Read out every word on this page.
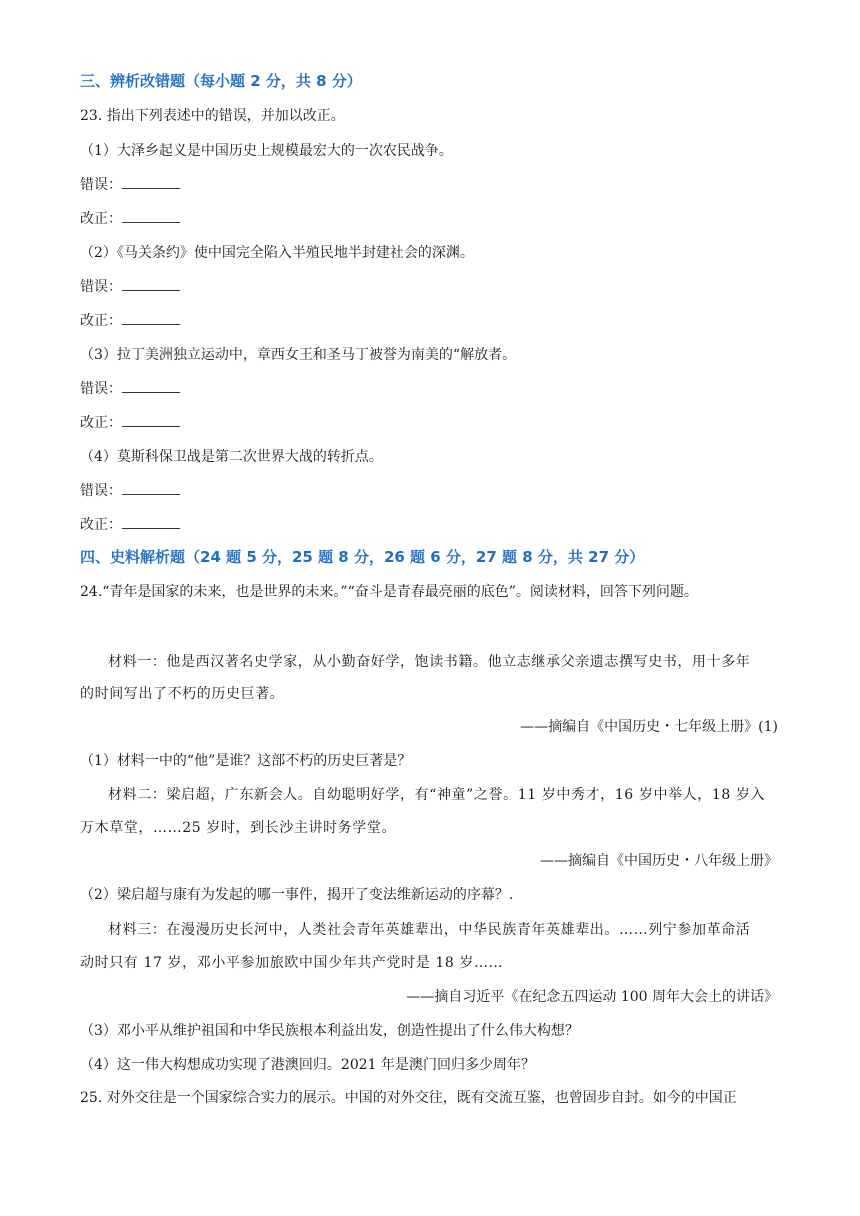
三、辨析改错题（每小题 2 分，共 8 分）
23. 指出下列表述中的错误，并加以改正。
（1）大泽乡起义是中国历史上规模最宏大的一次农民战争。
错误：
改正：
（2）《马关条约》使中国完全陷入半殖民地半封建社会的深渊。
错误：
改正：
（3）拉丁美洲独立运动中，章西女王和圣马丁被誉为南美的“解放者。
错误：
改正：
（4）莫斯科保卫战是第二次世界大战的转折点。
错误：
改正：
四、史料解析题（24 题 5 分，25 题 8 分，26 题 6 分，27 题 8 分，共 27 分）
24.“青年是国家的未来，也是世界的未来。”“奋斗是青春最亮丽的底色”。阅读材料，回答下列问题。
材料一：他是西汉著名史学家，从小勤奋好学，饱读书籍。他立志继承父亲遗志撰写史书，用十多年
的时间写出了不朽的历史巨著。
——摘编自《中国历史・七年级上册》(1)
（1）材料一中的“他”是谁？这部不朽的历史巨著是？
材料二：梁启超，广东新会人。自幼聪明好学，有“神童”之誉。11 岁中秀才，16 岁中举人，18 岁入
万木草堂，……25 岁时，到长沙主讲时务学堂。
——摘编自《中国历史・八年级上册》
（2）梁启超与康有为发起的哪一事件，揭开了变法维新运动的序幕？.
材料三：在漫漫历史长河中，人类社会青年英雄辈出，中华民族青年英雄辈出。……列宁参加革命活
动时只有 17 岁，邓小平参加旅欧中国少年共产党时是 18 岁……
——摘自习近平《在纪念五四运动 100 周年大会上的讲话》
（3）邓小平从维护祖国和中华民族根本利益出发，创造性提出了什么伟大构想？
（4）这一伟大构想成功实现了港澳回归。2021 年是澳门回归多少周年？
25. 对外交往是一个国家综合实力的展示。中国的对外交往，既有交流互鉴，也曾固步自封。如今的中国正
